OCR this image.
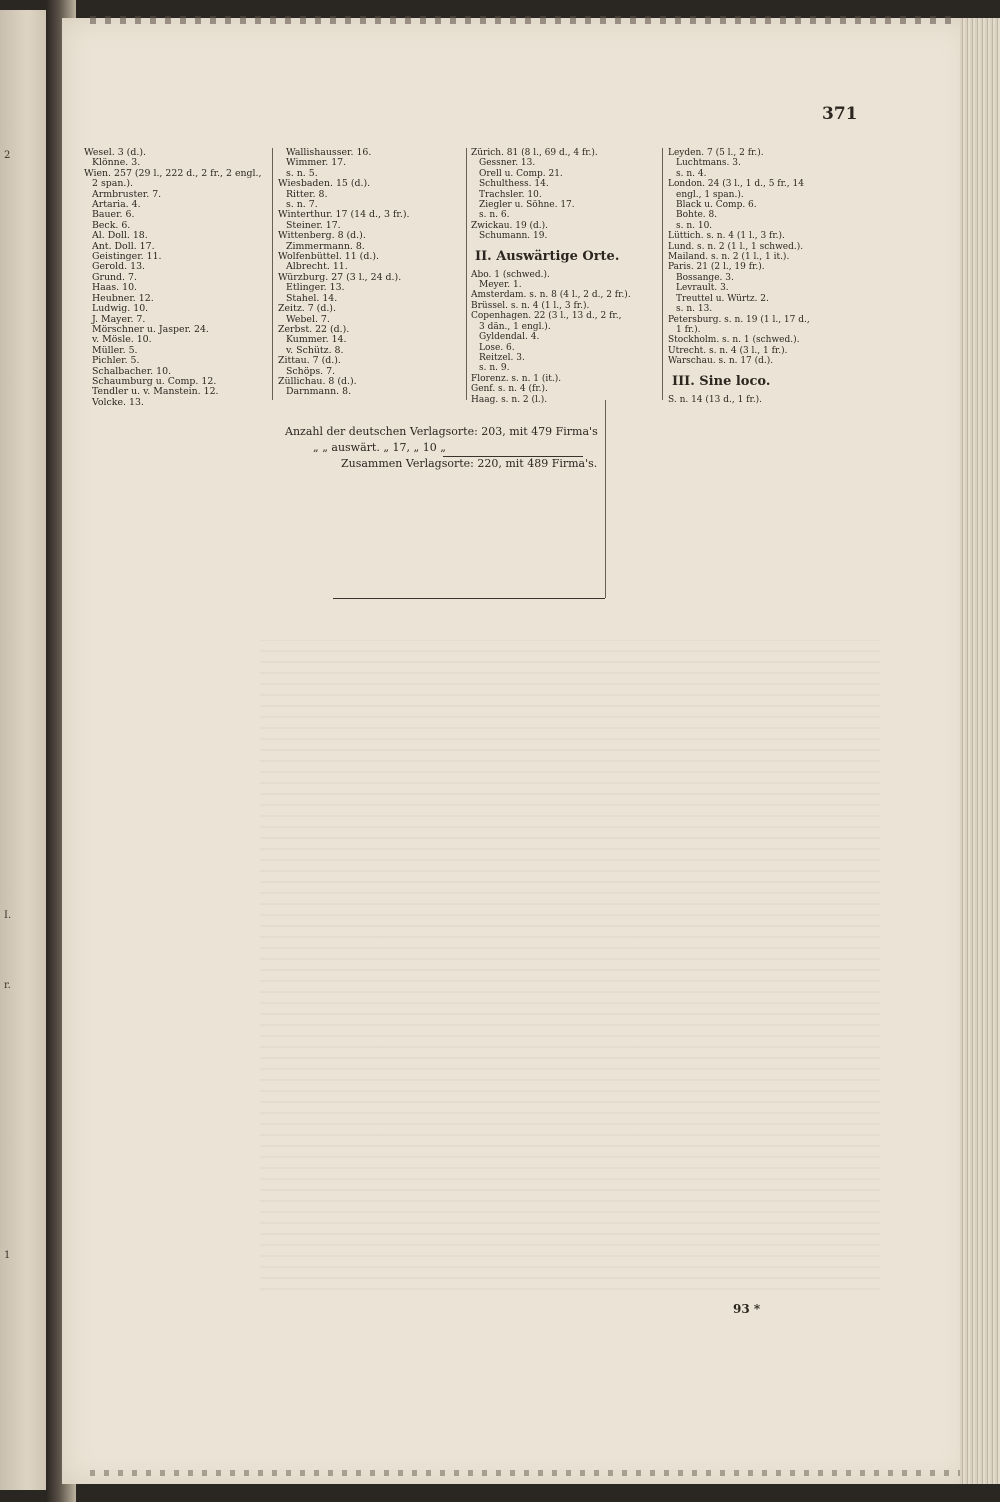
2
I.
r.
1
371
Wesel. 3 (d.).
Klönne. 3.
Wien. 257 (29 l., 222 d., 2 fr., 2 engl.,
2 span.).
Armbruster. 7.
Artaria. 4.
Bauer. 6.
Beck. 6.
Al. Doll. 18.
Ant. Doll. 17.
Geistinger. 11.
Gerold. 13.
Grund. 7.
Haas. 10.
Heubner. 12.
Ludwig. 10.
J. Mayer. 7.
Mörschner u. Jasper. 24.
v. Mösle. 10.
Müller. 5.
Pichler. 5.
Schalbacher. 10.
Schaumburg u. Comp. 12.
Tendler u. v. Manstein. 12.
Volcke. 13.
Wallishausser. 16.
Wimmer. 17.
s. n. 5.
Wiesbaden. 15 (d.).
Ritter. 8.
s. n. 7.
Winterthur. 17 (14 d., 3 fr.).
Steiner. 17.
Wittenberg. 8 (d.).
Zimmermann. 8.
Wolfenbüttel. 11 (d.).
Albrecht. 11.
Würzburg. 27 (3 l., 24 d.).
Etlinger. 13.
Stahel. 14.
Zeitz. 7 (d.).
Webel. 7.
Zerbst. 22 (d.).
Kummer. 14.
v. Schütz. 8.
Zittau. 7 (d.).
Schöps. 7.
Züllichau. 8 (d.).
Darnmann. 8.
Zürich. 81 (8 l., 69 d., 4 fr.).
Gessner. 13.
Orell u. Comp. 21.
Schulthess. 14.
Trachsler. 10.
Ziegler u. Söhne. 17.
s. n. 6.
Zwickau. 19 (d.).
Schumann. 19.
II. Auswärtige Orte.
Abo. 1 (schwed.).
Meyer. 1.
Amsterdam. s. n. 8 (4 l., 2 d., 2 fr.).
Brüssel. s. n. 4 (1 l., 3 fr.).
Copenhagen. 22 (3 l., 13 d., 2 fr.,
3 dän., 1 engl.).
Gyldendal. 4.
Lose. 6.
Reitzel. 3.
s. n. 9.
Florenz. s. n. 1 (it.).
Genf. s. n. 4 (fr.).
Haag. s. n. 2 (l.).
Leyden. 7 (5 l., 2 fr.).
Luchtmans. 3.
s. n. 4.
London. 24 (3 l., 1 d., 5 fr., 14
engl., 1 span.).
Black u. Comp. 6.
Bohte. 8.
s. n. 10.
Lüttich. s. n. 4 (1 l., 3 fr.).
Lund. s. n. 2 (1 l., 1 schwed.).
Mailand. s. n. 2 (1 l., 1 it.).
Paris. 21 (2 l., 19 fr.).
Bossange. 3.
Levrault. 3.
Treuttel u. Würtz. 2.
s. n. 13.
Petersburg. s. n. 19 (1 l., 17 d.,
1 fr.).
Stockholm. s. n. 1 (schwed.).
Utrecht. s. n. 4 (3 l., 1 fr.).
Warschau. s. n. 17 (d.).
III. Sine loco.
S. n. 14 (13 d., 1 fr.).
Anzahl der deutschen Verlagsorte: 203, mit 479 Firma's
„ „ auswärt. „ 17, „ 10 „
Zusammen Verlagsorte: 220, mit 489 Firma's.
93 *
